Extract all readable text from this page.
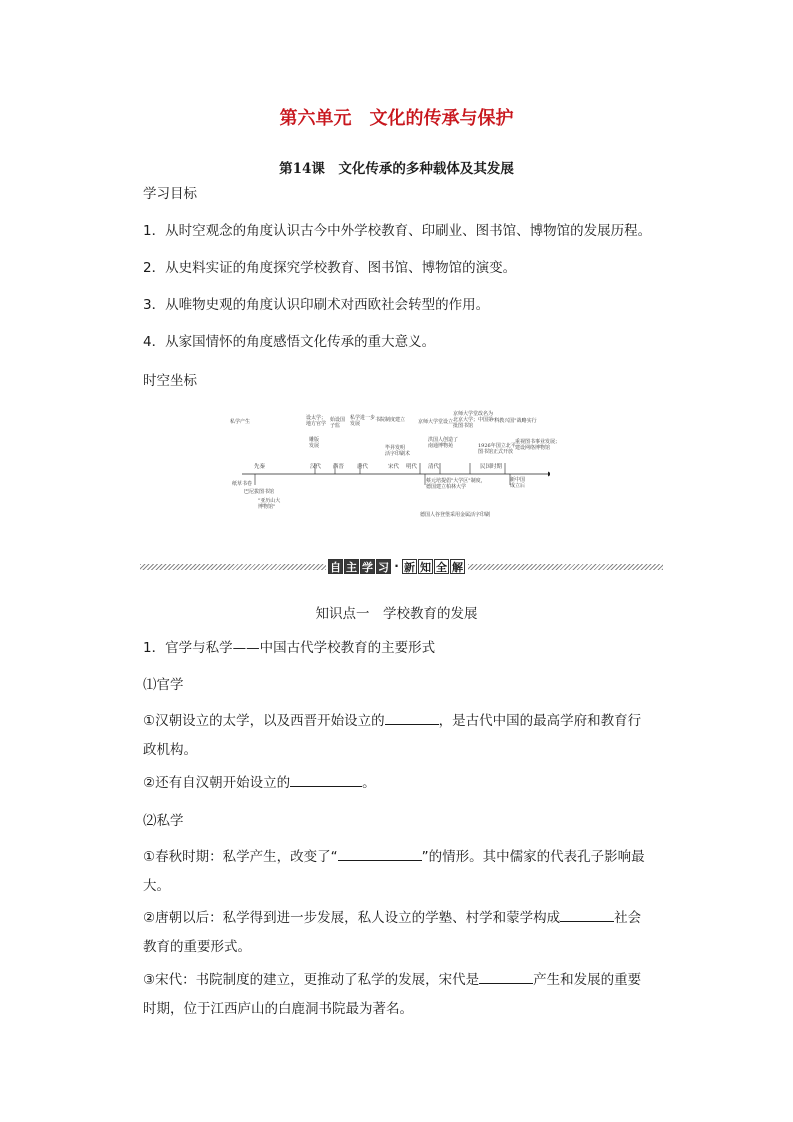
第六单元　文化的传承与保护
第14课　文化传承的多种载体及其发展
学习目标
1．从时空观念的角度认识古今中外学校教育、印刷业、图书馆、博物馆的发展历程。
2．从史料实证的角度探究学校教育、图书馆、博物馆的演变。
3．从唯物史观的角度认识印刷术对西欧社会转型的作用。
4．从家国情怀的角度感悟文化传承的重大意义。
时空坐标
先秦	汉代 西晋 唐代	宋代 明代 清代	民国时期
私学产生
设太学；
地方官学
始设国
子监
私学进一步
发展
书院制度建立	京师大学堂设立
京师大学堂改名为
北京大学；中国第一
批图书馆
"科教兴国"战略实行
雕版
发展	毕昇发明
活字印刷术
洪国人创造了
南通博物苑	1926年国立北平
图书馆正式开放
重视图书事业发展；
建设网络博物馆
纸草书卷
巴尼拔图书馆
"亚历山大
博物馆"
蔡元培提倡"大学区"制度，
德国建立柏林大学
新中国
成立后
德国人谷登堡采用金属活字印刷
自 主 学 习 · 新 知 全 解
知识点一　学校教育的发展
1．官学与私学——中国古代学校教育的主要形式
⑴官学
①汉朝设立的太学，以及西晋开始设立的	，是古代中国的最高学府和教育行政机构。
②还有自汉朝开始设立的	。
⑵私学
①春秋时期：私学产生，改变了“	”的情形。其中儒家的代表孔子影响最大。
②唐朝以后：私学得到进一步发展，私人设立的学塾、村学和蒙学构成	社会教育的重要形式。
③宋代：书院制度的建立，更推动了私学的发展，宋代是	产生和发展的重要时期，位于江西庐山的白鹿洞书院最为著名。
